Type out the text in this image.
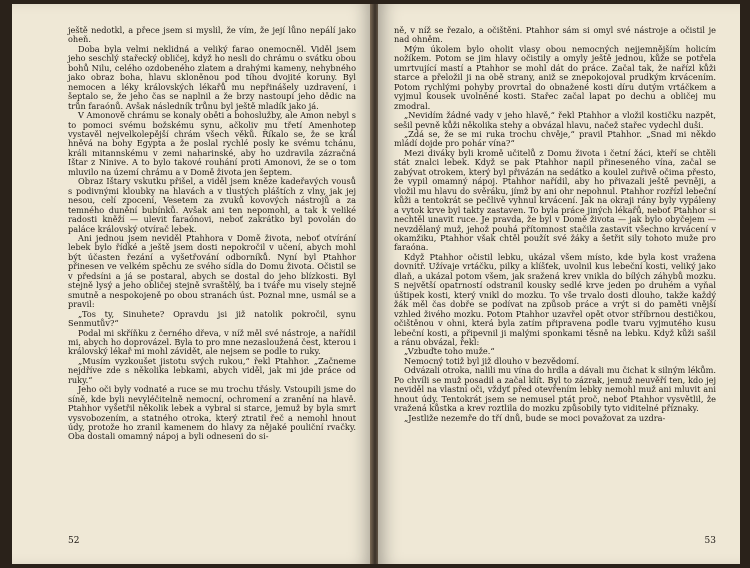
ještě nedotkl, a přece jsem si myslil, že vím, že její lůno nepálí jako oheň.

Doba byla velmi neklidná a veliký farao onemocněl. Viděl jsem jeho seschlý stařecký obličej, když ho nesli do chrámu o svátku obou bohů Nilu, celého ozdobeného zlatem a drahými kameny, nehybného jako obraz boha, hlavu skloněnou pod tíhou dvojité koruny. Byl nemocen a léky královských lékařů mu nepřinášely uzdravení, i šeptalo se, že jeho čas se naplnil a že brzy nastoupí jeho dědic na trůn faraónů. Avšak následník trůnu byl ještě mladík jako já.

V Amonově chrámu se konaly oběti a bohoslužby, ale Amon nebyl s to pomoci svému božskému synu, ačkoliv mu třetí Amenhotep vystavěl nejvelkolepější chrám všech věků. Říkalo se, že se král hněvá na bohy Egypta a že poslal rychlé posly ke svému tchánu, králi mitannskému v zemi naharinské, aby ho uzdravila zázračná Ištar z Ninive. A to bylo takové rouhání proti Amonovi, že se o tom mluvilo na území chrámu a v Domě života jen šeptem.

Obraz Ištary vskutku přišel, a viděl jsem kněze kadeřavých vousů s podivnými kloubky na hlavách a v tlustých pláštích z vlny, jak jej nesou, celí zpocení, Vesetem za zvuků kovových nástrojů a za temného dunění bubínků. Avšak ani ten nepomohl, a tak k veliké radosti kněží — ulevit faraónovi, neboť zakrátko byl povolán do paláce královský otvírač lebek.

Ani jednou jsem neviděl Ptahhora v Domě života, neboť otvírání lebek bylo řídké a ještě jsem dosti nepokročil v učení, abych mohl být účasten řezání a vyšetřování odborníků. Nyní byl Ptahhor přinesen ve velkém spěchu ze svého sídla do Domu života. Očistil se v předsíni a já se postaral, abych se dostal do jeho blízkosti. Byl stejně lysý a jeho obličej stejně svraštělý, ba i tváře mu visely stejně smutně a nespokojeně po obou stranách úst. Poznal mne, usmál se a pravil:

„Tos ty, Sinuhete? Opravdu jsi již natolik pokročil, synu Senmutův?“

Podal mi skříňku z černého dřeva, v níž měl své nástroje, a nařídil mi, abych ho doprovázel. Byla to pro mne nezasloužená čest, kterou i královský lékař mi mohl závidět, ale nejsem se podle to ruky.

„Musím vyzkoušet jistotu svých rukou,“ řekl Ptahhor. „Začneme nejdříve zde s několika lebkami, abych viděl, jak mi jde práce od ruky.“

Jeho oči byly vodnaté a ruce se mu trochu třásly. Vstoupili jsme do síně, kde byli nevyléčitelně nemocní, ochromení a zranění na hlavě. Ptahhor vyšetřil několik lebek a vybral si starce, jemuž by byla smrt vysvobozením, a statného otroka, který ztratil řeč a nemohl hnout údy, protože ho zranil kamenem do hlavy za nějaké pouliční rvačky. Oba dostali omamný nápoj a byli odneseni do si-

52

ně, v níž se řezalo, a očištěni. Ptahhor sám si omyl své nástroje a očistil je nad ohněm.

Mým úkolem bylo oholit vlasy obou nemocných nejjemnějším holicím nožíkem. Potom se jim hlavy očistily a omyly ještě jednou, kůže se potřela umrtvující mastí a Ptahhor se mohl dát do práce. Začal tak, že nařízl kůži starce a přeložil ji na obě strany, aniž se znepokojoval prudkým krvácením. Potom rychlými pohyby provrtal do obnažené kosti díru dutým vrtáčkem a vyjmul kousek uvolněné kosti. Stařec začal lapat po dechu a obličej mu zmodral.

„Nevidím žádné vady v jeho hlavě,“ řekl Ptahhor a vložil kostičku nazpět, sešil pevně kůži několika stehy a obvázal hlavu, načež stařec vydechl duši.

„Zdá se, že se mi ruka trochu chvěje,“ pravil Ptahhor. „Snad mi někdo mládí dojde pro pohár vína?“

Mezi diváky byli kromě učitelů z Domu života i četní žáci, kteří se chtěli stát znalci lebek. Když se pak Ptahhor napil přineseného vína, začal se zabývat otrokem, který byl přivázán na sedátko a koulel zuřivě očima přesto, že vypil omamný nápoj. Ptahhor nařídil, aby ho přivazali ještě pevněji, a vložil mu hlavu do svěráku, jímž by ani ohr nepohnul. Ptahhor rozřízl lebeční kůži a tentokrát se pečlivě vyhnul krvácení. Jak na okraji rány byly vypáleny a vytok krve byl takty zastaven. To byla práce jiných lékařů, neboť Ptahhor si nechtěl unavit ruce. Je pravda, že byl v Domě života — jak bylo obyčejem — nevzdělaný muž, jehož pouhá přítomnost stačila zastavit všechno krvácení v okamžiku, Ptahhor však chtěl použít své žáky a šetřit sily tohoto muže pro faraóna.

Když Ptahhor očistil lebku, ukázal všem místo, kde byla kost vražena dovnitř. Užívaje vrtáčku, pilky a klíšťek, uvolnil kus lebeční kosti, veliký jako dlaň, a ukázal potom všem, jak sražená krev vnikla do bílých záhybů mozku. S největší opatrností odstranil kousky sedlé krve jeden po druhém a vyňal úštipek kosti, který vnikl do mozku. To vše trvalo dosti dlouho, takže každý žák měl čas dobře se podívat na způsob práce a vrýt si do paměti vnější vzhled živého mozku. Potom Ptahhor uzavřel opět otvor stříbrnou destičkou, očištěnou v ohni, která byla zatím připravena podle tvaru vyjmutého kusu lebeční kosti, a připevnil ji malými sponkami těsně na lebku. Když kůži sašil a ránu obvázal, řekl:

„Vzbuďte toho muže.“

Nemocný totiž byl již dlouho v bezvědomí.

Odvázali otroka, nalili mu vína do hrdla a dávali mu čichat k silným lékům. Po chvíli se muž posadil a začal klít. Byl to zázrak, jemuž neuvěří ten, kdo jej neviděl na vlastní oči, vždyť před otevřením lebky nemohl muž ani mluvit ani hnout údy. Tentokrát jsem se nemusel ptát proč, neboť Ptahhor vysvětlil, že vražená kůstka a krev roztlila do mozku způsobily tyto viditelné příznaky.

„Jestliže nezemře do tří dnů, bude se moci považovat za uzdra-

53
